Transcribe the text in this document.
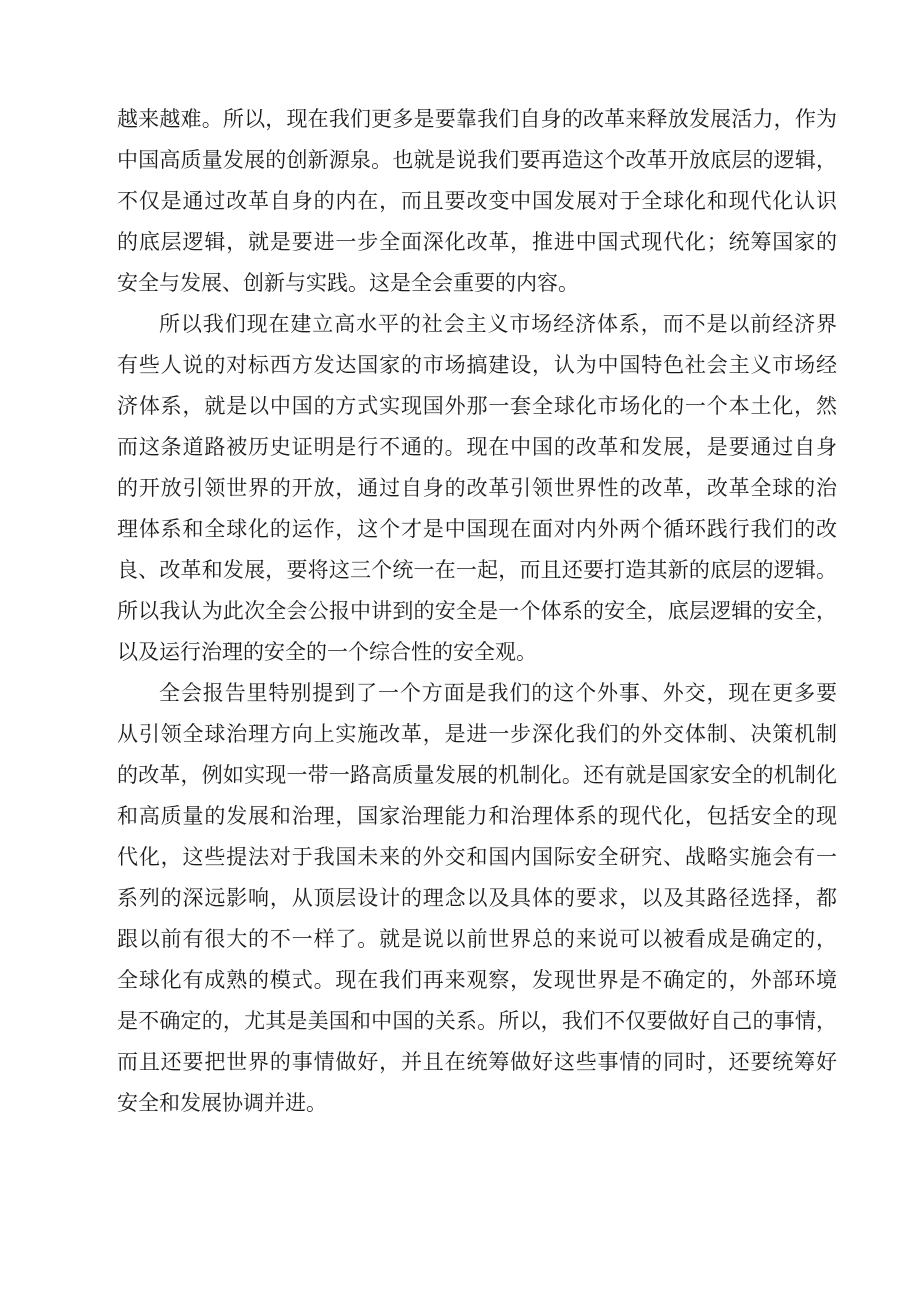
越来越难。所以，现在我们更多是要靠我们自身的改革来释放发展活力，作为
中国高质量发展的创新源泉。也就是说我们要再造这个改革开放底层的逻辑，
不仅是通过改革自身的内在，而且要改变中国发展对于全球化和现代化认识
的底层逻辑，就是要进一步全面深化改革，推进中国式现代化；统筹国家的
安全与发展、创新与实践。这是全会重要的内容。
所以我们现在建立高水平的社会主义市场经济体系，而不是以前经济界
有些人说的对标西方发达国家的市场搞建设，认为中国特色社会主义市场经
济体系，就是以中国的方式实现国外那一套全球化市场化的一个本土化，然
而这条道路被历史证明是行不通的。现在中国的改革和发展，是要通过自身
的开放引领世界的开放，通过自身的改革引领世界性的改革，改革全球的治
理体系和全球化的运作，这个才是中国现在面对内外两个循环践行我们的改
良、改革和发展，要将这三个统一在一起，而且还要打造其新的底层的逻辑。
所以我认为此次全会公报中讲到的安全是一个体系的安全，底层逻辑的安全，
以及运行治理的安全的一个综合性的安全观。
全会报告里特别提到了一个方面是我们的这个外事、外交，现在更多要
从引领全球治理方向上实施改革，是进一步深化我们的外交体制、决策机制
的改革，例如实现一带一路高质量发展的机制化。还有就是国家安全的机制化
和高质量的发展和治理，国家治理能力和治理体系的现代化，包括安全的现
代化，这些提法对于我国未来的外交和国内国际安全研究、战略实施会有一
系列的深远影响，从顶层设计的理念以及具体的要求，以及其路径选择，都
跟以前有很大的不一样了。就是说以前世界总的来说可以被看成是确定的，
全球化有成熟的模式。现在我们再来观察，发现世界是不确定的，外部环境
是不确定的，尤其是美国和中国的关系。所以，我们不仅要做好自己的事情，
而且还要把世界的事情做好，并且在统筹做好这些事情的同时，还要统筹好
安全和发展协调并进。
